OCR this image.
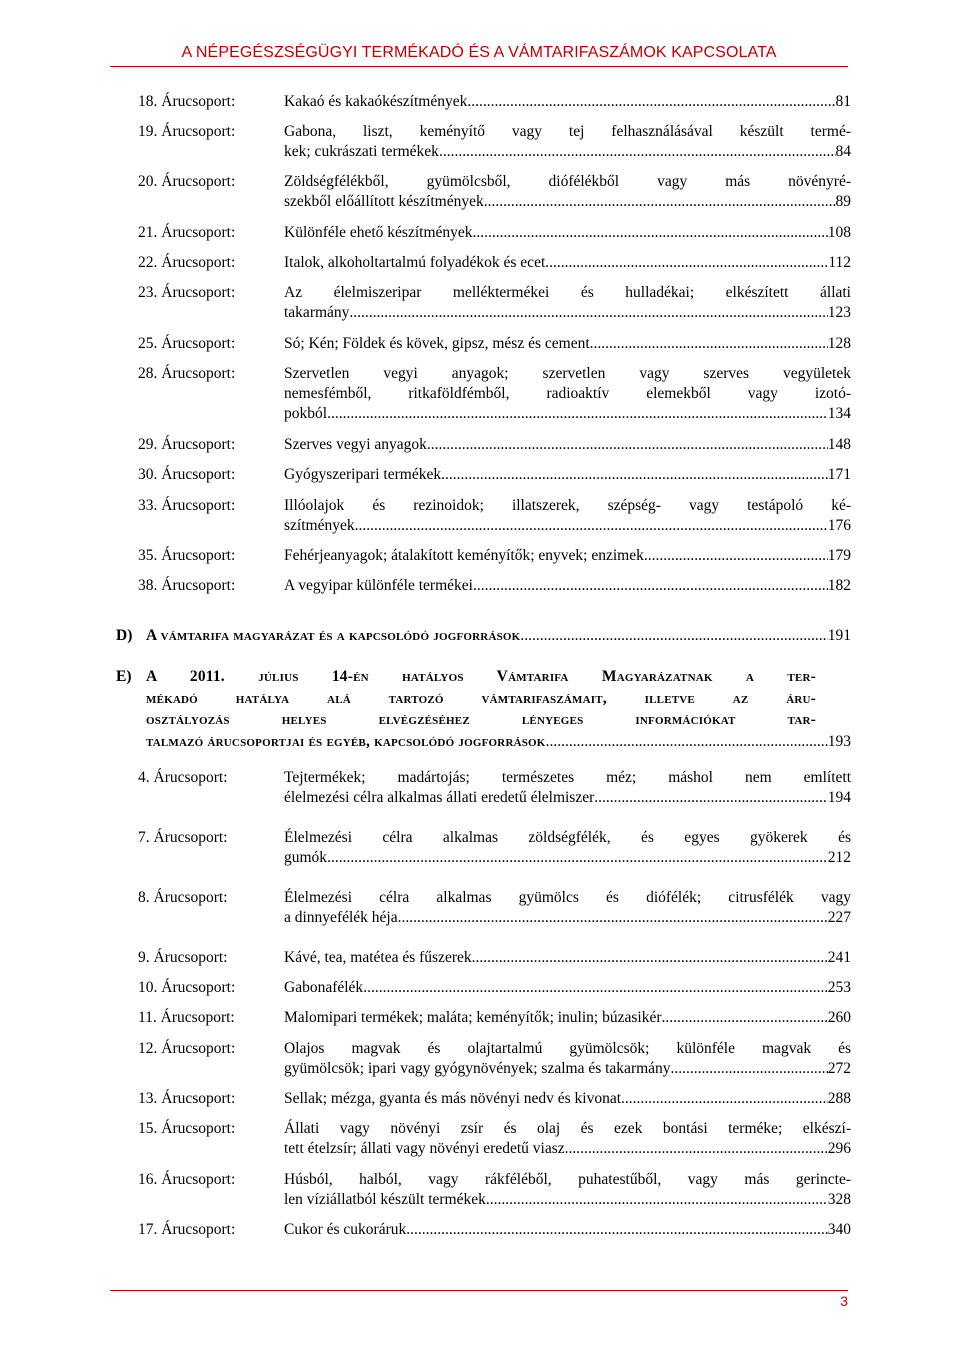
A NÉPEGÉSZSÉGÜGYI TERMÉKADÓ ÉS A VÁMTARIFASZÁMOK KAPCSOLATA
18. Árucsoport:	Kakaó és kakaókészítmények .....	81
19. Árucsoport:	Gabona, liszt, keményítő vagy tej felhasználásával készült termé-
kek; cukrászati termékek .....	84
20. Árucsoport:	Zöldségfélékből, gyümölcsből, diófélékből vagy más növényré-
szekből előállított készítmények .....	89
21. Árucsoport:	Különféle ehető készítmények .....	108
22. Árucsoport:	Italok, alkoholtartalmú folyadékok és ecet .....	112
23. Árucsoport:	Az élelmiszeripar melléktermékei és hulladékai; elkészített állati
takarmány .....	123
25. Árucsoport:	Só; Kén; Földek és kövek, gipsz, mész és cement .....	128
28. Árucsoport:	Szervetlen vegyi anyagok; szervetlen vagy szerves vegyületek
nemesfémből, ritkaföldfémből, radioaktív elemekből vagy izotó-
pokból .....	134
29. Árucsoport:	Szerves vegyi anyagok .....	148
30. Árucsoport:	Gyógyszeripari termékek .....	171
33. Árucsoport:	Illóolajok és rezinoidok; illatszerek, szépség- vagy testápoló ké-
szítmények .....	176
35. Árucsoport:	Fehérjeanyagok; átalakított keményítők; enyvek; enzimek .....	179
38. Árucsoport:	A vegyipar különféle termékei .....	182
D) A vámtarifa magyarázat és a kapcsolódó jogforrások .....	191
E) A 2011. július 14-én hatályos Vámtarifa Magyarázatnak a ter-
mékadó hatálya alá tartozó vámtarifaszámait, illetve az áru-
osztályozás helyes elvégzéséhez lényeges információkat tar-
talmazó árucsoportjai és egyéb, kapcsolódó jogforrások .....	193
4. Árucsoport:	Tejtermékek; madártojás; természetes méz; máshol nem említett
élelmezési célra alkalmas állati eredetű élelmiszer .....	194
7. Árucsoport:	Élelmezési célra alkalmas zöldségfélék, és egyes gyökerek és
gumók .....	212
8. Árucsoport:	Élelmezési célra alkalmas gyümölcs és diófélék; citrusfélék vagy
a dinnyefélék héja .....	227
9. Árucsoport:	Kávé, tea, matétea és fűszerek .....	241
10. Árucsoport:	Gabonafélék .....	253
11. Árucsoport:	Malomipari termékek; maláta; keményítők; inulin; búzasikér .....	260
12. Árucsoport:	Olajos magvak és olajtartalmú gyümölcsök; különféle magvak és
gyümölcsök; ipari vagy gyógynövények; szalma és takarmány .....	272
13. Árucsoport:	Sellak; mézga, gyanta és más növényi nedv és kivonat .....	288
15. Árucsoport:	Állati vagy növényi zsír és olaj és ezek bontási terméke; elkészí-
tett ételzsír; állati vagy növényi eredetű viasz .....	296
16. Árucsoport:	Húsból, halból, vagy rákféléből, puhatestűből, vagy más gerincte-
len víziállatból készült termékek .....	328
17. Árucsoport:	Cukor és cukoráruk .....	340
3
